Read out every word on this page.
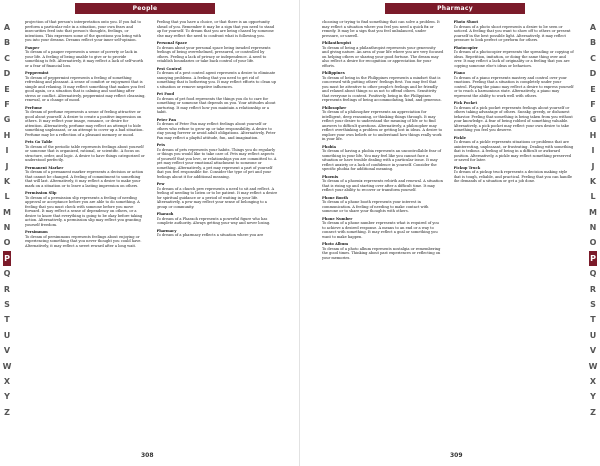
People
A
B
C
D
E
F
G
H
I
J
K
L
M
N
O
P
Q
R
S
T
U
V
W
X
Y
Z

projection of that person's interpretation onto you. If you fail to perform a particular role in a situation, your own fears and insecurities feed into that person's thoughts, feelings, or intentions. This expresses some of the questions you bring with you into your dreams. Dreams reflect your inner self-opinion.

Pauper
To dream of a pauper represents a sense of poverty or lack in your life. A feeling of being unable to give or to provide something is felt. Alternatively, it may reflect a lack of self-worth or a fear of financial loss.

Peppermint
To dream of peppermint represents a feeling of something refreshing and pleasant. A sense of comfort or enjoyment that is simple and relaxing. It may reflect something that makes you feel good again, or a situation that is calming and soothing after stress or conflict. Alternatively, peppermint may reflect cleansing, renewal, or a change of mood.

Perfume
To dream of perfume represents a sense of feeling attractive or good about yourself. A desire to create a positive impression on others. It may reflect your image, romance, or desire for attention. Alternatively, perfume may reflect an attempt to hide something unpleasant, or an attempt to cover up a bad situation. Perfume may be a reflection of a pleasant memory or mood.

Pets Go Table
To dream of the periodic table represents feelings about yourself or someone that is organized, rational, or scientific. A focus on structure, order, and logic. A desire to have things categorized or understood perfectly.

Permanent Marker
To dream of a permanent marker represents a decision or action that cannot be changed. A feeling of commitment to something that will last. Alternatively, it may reflect a desire to make your mark on a situation or to leave a lasting impression on others.

Permission Slip
To dream of a permission slip represents a feeling of needing approval or acceptance before you are able to do something. A feeling that you must check with someone before you move forward. It may reflect a sense of dependency on others, or a desire to know that everything is going to be okay before taking action. Alternatively, a permission slip may reflect you granting yourself freedom.

Persimmon
To dream of persimmons represents feelings about enjoying or experiencing something that you never thought you could have. Alternatively, it may reflect a sweet reward after a long wait.

Feeling that you have a choice, or that there is an opportunity ahead of you. Remember it may be a sign that you need to stand up for yourself. To dream that you are being chased by someone else may reflect the need to confront what is following you.

Personal Space
To dream about your personal space being invaded represents feelings of being overwhelmed, pressured, or controlled by others. Feeling a lack of privacy or independence. A need to establish boundaries or take back control of your life.

Pest Control
To dream of a pest control agent represents a desire to eliminate annoying problems. A feeling that you need to get rid of something that is bothering you. It may reflect efforts to clean up a situation or remove negative influences.

Pet Food
To dream of pet food represents the things you do to care for something or someone that depends on you. Your attitudes about nurturing. It may reflect how you maintain a relationship or a habit.

Peter Pan
To dream of Peter Pan may reflect feelings about yourself or others who refuse to grow up or take responsibility. A desire to stay young forever or avoid adult obligations. Alternatively, Peter Pan may reflect a playful attitude, fun, and imagination.

Pets
To dream of pets represents your habits. Things you do regularly or things you would like to take care of. Pets may reflect aspects of yourself that you love, or relationships you are committed to. A pet may reflect your emotional attachment to someone or something. Alternatively, a pet may represent a part of yourself that you feel responsible for. Consider the type of pet and your feelings about it for additional meaning.

Pew
To dream of a church pew represents a need to sit and reflect. A feeling of needing to listen or to be patient. It may reflect a desire for spiritual guidance or a period of waiting in your life. Alternatively, a pew may reflect your sense of belonging to a group or community.

Pharaoh
To dream of a Pharaoh represents a powerful figure who has complete authority. Always getting your way and never losing.

Pharmacy
To dream of a pharmacy reflects a situation where you are

308
Pharmacy
A
B
C
D
E
F
G
H
I
J
K
L
M
N
O
P
Q
R
S
T
U
V
W
X
Y
Z

choosing or trying to find something that can solve a problem. It may reflect a situation where you feel you need a quick fix or remedy. It may be a sign that you feel unbalanced, under pressure, or unwell.

Philanthropist
To dream of being a philanthropist represents your generosity and giving nature. An area of your life where you are very focused on helping others or sharing your good fortune. The dream may also reflect a desire for recognition or appreciation for your efforts.

Philippines
To dream of being in the Philippines represents a mindset that is concerned with putting others' feelings first. You may feel that you must be attentive to other people's feelings and be friendly and relaxed about things so as not to offend others. Sensitivity that everyone is content. Positively, being in the Philippines represents feelings of being accommodating, kind, and generous.

Philosopher
To dream of a philosopher represents an appreciation for intelligent, deep reasoning, or thinking things through. It may reflect your desire to understand the meaning of life or to find answers to difficult questions. Alternatively, a philosopher may reflect overthinking a problem or getting lost in ideas. A desire to explore your own beliefs or to understand how things really work in your life.

Phobia
To dream of having a phobia represents an uncontrollable fear of something in your life. You may feel like you cannot face a situation or have trouble dealing with a particular issue. It may reflect anxiety or a lack of confidence in yourself. Consider the specific phobia for additional meaning.

Phoenix
To dream of a phoenix represents rebirth and renewal. A situation that is rising up and starting over after a difficult time. It may reflect your ability to recover or transform yourself.

Phone Booth
To dream of a phone booth represents your interest in communication. A feeling of needing to make contact with someone or to share your thoughts with others.

Phone Number
To dream of a phone number represents what is required of you to achieve a desired response. A means to an end or a way to connect with something. It may reflect a goal or something you want to make happen.

Photo Album
To dream of a photo album represents nostalgia or remembering the good times. Thinking about past experiences or reflecting on your memories.

Photo Shoot
To dream of a photo shoot represents a desire to be seen or noticed. A feeling that you want to show off to others or present yourself in the best possible light. Alternatively, it may reflect pressure to look perfect or perform for others.

Photocopier
To dream of a photocopier represents the spreading or copying of ideas. Repetition, imitation, or doing the same thing over and over. It may reflect a lack of originality or a feeling that you are copying someone else's ideas or behaviors.

Piano
To dream of a piano represents mastery and control over your emotions. Feeling that a situation is completely under your control. Playing the piano may reflect a desire to express yourself or to reach a harmonious state. Alternatively, a piano may represent the ability to work well with others.

Pick Pocket
To dream of a pick pocket represents feelings about yourself or others taking advantage of others. Sneaky, greedy, or dishonest behavior. Feeling that something is being taken from you without your knowledge. A fear of being robbed of something valuable. Alternatively, a pick pocket may reflect your own desire to take something you feel you deserve.

Pickle
To dream of a pickle represents situations or problems that are uninteresting, unpleasant, or frustrating. Dealing with something that is tedious. A feeling of being in a difficult or awkward position. Alternatively, a pickle may reflect something preserved or saved for later.

Pickup Truck
To dream of a pickup truck represents a decision making style that is tough, reliable, and practical. Feeling that you can handle the demands of a situation or get a job done.

309
